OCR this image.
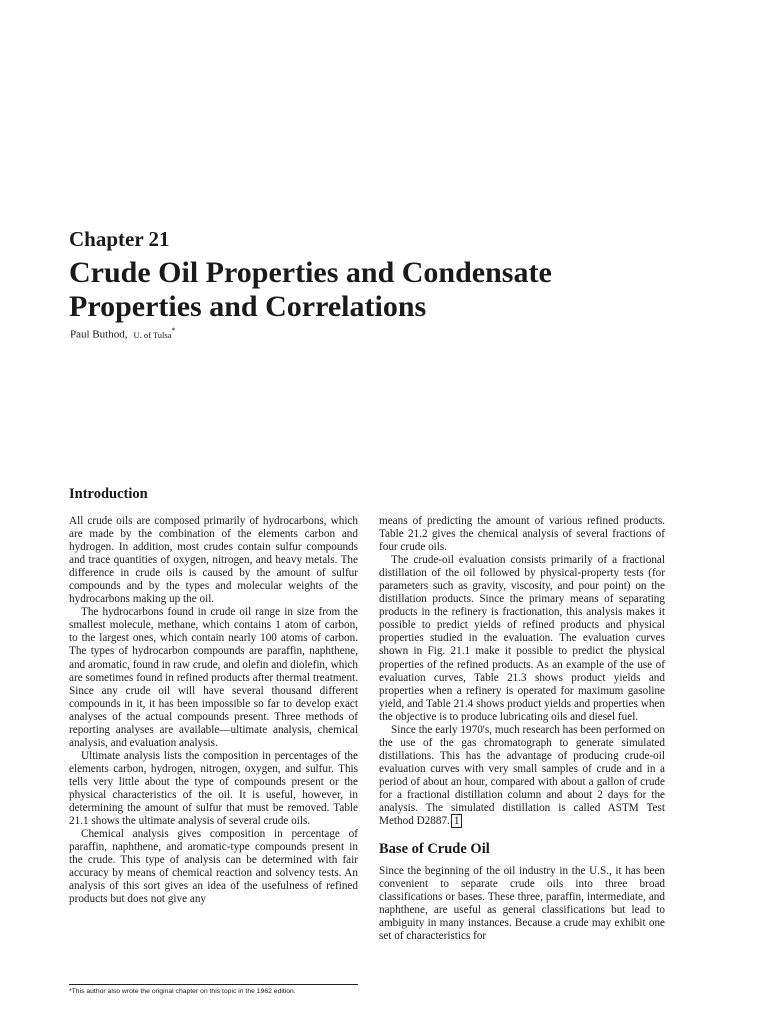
Chapter 21
Crude Oil Properties and Condensate
Properties and Correlations

Paul Buthod, U. of Tulsa*

Introduction

All crude oils are composed primarily of hydrocarbons, which are made by the combination of the elements carbon and hydrogen. In addition, most crudes contain sulfur compounds and trace quantities of oxygen, nitrogen, and heavy metals. The difference in crude oils is caused by the amount of sulfur compounds and by the types and molecular weights of the hydrocarbons making up the oil.

The hydrocarbons found in crude oil range in size from the smallest molecule, methane, which contains 1 atom of carbon, to the largest ones, which contain nearly 100 atoms of carbon. The types of hydrocarbon compounds are paraffin, naphthene, and aromatic, found in raw crude, and olefin and diolefin, which are sometimes found in refined products after thermal treatment. Since any crude oil will have several thousand different compounds in it, it has been impossible so far to develop exact analyses of the actual compounds present. Three methods of reporting analyses are available—ultimate analysis, chemical analysis, and evaluation analysis.

Ultimate analysis lists the composition in percentages of the elements carbon, hydrogen, nitrogen, oxygen, and sulfur. This tells very little about the type of compounds present or the physical characteristics of the oil. It is useful, however, in determining the amount of sulfur that must be removed. Table 21.1 shows the ultimate analysis of several crude oils.

Chemical analysis gives composition in percentage of paraffin, naphthene, and aromatic-type compounds present in the crude. This type of analysis can be determined with fair accuracy by means of chemical reaction and solvency tests. An analysis of this sort gives an idea of the usefulness of refined products but does not give any

means of predicting the amount of various refined products. Table 21.2 gives the chemical analysis of several fractions of four crude oils.

The crude-oil evaluation consists primarily of a fractional distillation of the oil followed by physical-property tests (for parameters such as gravity, viscosity, and pour point) on the distillation products. Since the primary means of separating products in the refinery is fractionation, this analysis makes it possible to predict yields of refined products and physical properties studied in the evaluation. The evaluation curves shown in Fig. 21.1 make it possible to predict the physical properties of the refined products. As an example of the use of evaluation curves, Table 21.3 shows product yields and properties when a refinery is operated for maximum gasoline yield, and Table 21.4 shows product yields and properties when the objective is to produce lubricating oils and diesel fuel.

Since the early 1970's, much research has been performed on the use of the gas chromatograph to generate simulated distillations. This has the advantage of producing crude-oil evaluation curves with very small samples of crude and in a period of about an hour, compared with about a gallon of crude for a fractional distillation column and about 2 days for the analysis. The simulated distillation is called ASTM Test Method D2887. 1

Base of Crude Oil

Since the beginning of the oil industry in the U.S., it has been convenient to separate crude oils into three broad classifications or bases. These three, paraffin, intermediate, and naphthene, are useful as general classifications but lead to ambiguity in many instances. Because a crude may exhibit one set of characteristics for

*This author also wrote the original chapter on this topic in the 1962 edition.
